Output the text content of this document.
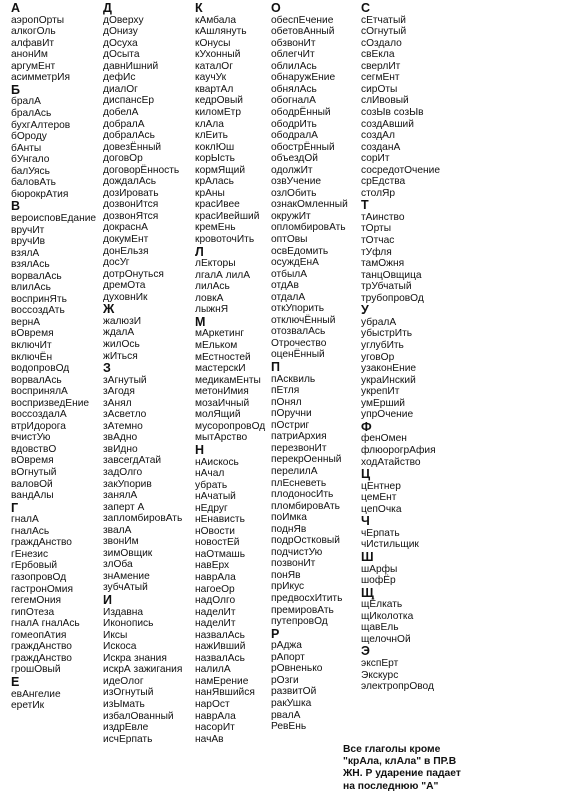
А
аэропОрты
алкогОль
алфавИт
анонИм
аргумЕнт
асимметрИя
Б
бралА
бралАсь
бухгАлтеров
бОроду
бАнты
бУнгало
балУясь
баловАть
бюрокрАтия
В
вероисповЕдание
вручИт
вручИв
взялА
взялАсь
ворвалАсь
влилАсь
воспринЯть
воссоздАть
вернА
вОвремя
включИт
включЁн
водопровОд
ворвалАсь
воспринялА
воспризведЕние
воссоздалА
втрИдорога
вчистУю
вдовствО
вОвремя
вОгнутый
валовОй
вандАлы
Г
гналА
гналАсь
граждАнство
гЕнезис
гЕрбовый
газопровОд
гастронОмия
гегемОния
гипОтеза
гналА гналАсь
гомеопАтия
граждАнство
граждАнство
грошОвый
Е
евАнгелие
еретИк
Д
дОверху
дОнизу
дОсуха
дОсыта
давнИшний
дефИс
диалОг
диспансЕр
добелА
добралА
добралАсь
довезЁнный
договОр
договорЁнность
дождалАсь
дозИровать
дозвонИтся
дозвонЯтся
докраснА
докумЕнт
донЕльзя
досУг
дотрОнуться
дремОта
духовнИк
Ж
жалюзИ
ждалА
жилОсь
жИться
З
зАгнутый
зАгодя
зАнял
зАсветло
зАтемно
звАдно
звИдно
завсегдАтай
задОлго
закУпорив
занялА
заперт А
запломбировАть
звалА
звонИм
зимОвщик
злОба
знАмение
зубчАтый
И
Издавна
Иконопись
Иксы
Искоса
Искра знания
искрА зажигания
идеОлог
изОгнутый
изЫмать
избалОванный
издрЕвле
исчЕрпать
К
кАмбала
кАшлянуть
кОнусы
кУхонный
каталОг
каучУк
квартАл
кедрОвый
киломЕтр
клАла
клЕить
коклЮш
корЫсть
кормЯщий
крАлась
крАны
красИвее
красИвейший
кремЕнь
кровоточИть
Л
лЕкторы
лгалА лилА
лилАсь
ловкА
лыжнЯ
М
мАркетинг
мЕльком
мЕстностей
мастерскИ
медикамЕнты
метонИмия
мозаИчный
молЯщий
мусоропровОд
мытАрство
Н
нАискось
нАчал
убрать
нАчатый
нЕдруг
нЕнависть
нОвости
новостЕй
наОтмашь
навЕрх
наврАла
нагоеОр
надОлго
наделИт
наделИт
назвалАсь
нажИвший
назвалАсь
налилА
намЕрение
нанЯвшийся
нарОст
наврАла
насорИт
начАв
О
обеспЕчение
обетовАнный
обзвонИт
облегчИт
облилАсь
обнаружЕние
обнялАсь
обогналА
ободрЁнный
ободрИть
ободралА
обострЁнный
объездОй
одолжИт
озвУчение
озлОбить
ознакОмленный
окружИт
опломбировАть
оптОвы
освЕдомить
осуждЕнА
отбылА
отдАв
отдалА
откУпорить
отключЁнный
отозвалАсь
Отрочество
оценЁнный
П
пАсквиль
пЕтля
пОнял
пОручни
пОстриг
патриАрхия
перезвонИт
перекрОенный
перелилА
плЕсневеть
плодоносИть
пломбировАть
поИмка
поднЯв
подрОстковый
подчистУю
позвонИт
понЯв
прИкус
предвосхИтить
премировАть
путепровОд
Р
рАджа
рАпорт
рОвненько
рОзги
развитОй
ракУшка
рвалА
РевЕнь
С
сЕтчатый
сОгнутый
сОздало
свЕкла
сверлИт
сегмЕнт
сирОты
слИвовый
созЫв созЫв
создАвший
создАл
созданА
сорИт
сосредотОчение
срЕдства
столЯр
Т
тАинство
тОрты
тОтчас
тУфля
тамОжня
танцОвщица
трУбчатый
трубопровОд
У
убралА
убыстрИть
углубИть
уговОр
узаконЕние
украИнский
укрепИт
умЕрший
упрОчение
Ф
фенОмен
флюорогрАфия
ходАтайство
Ц
цЕнтнер
цемЕнт
цепОчка
Ч
чЕрпать
чИстильщик
Ш
шАрфы
шофЁр
Щ
щЁлкать
щИколотка
щавЕль
щелочнОй
Э
экспЕрт
Экскурс
электропрОвод
Все глаголы кроме "крАла, клАла" в ПР.В ЖН. Р ударение падает на последнюю "А"
